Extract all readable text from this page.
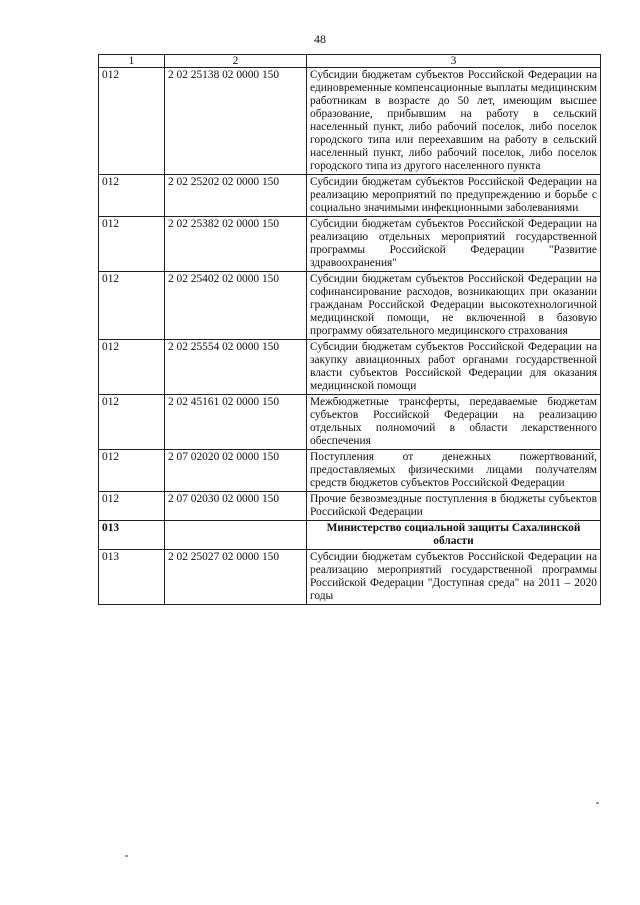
48
1	2	3
012	2 02 25138 02 0000 150	Субсидии бюджетам субъектов Российской Федерации на единовременные компенсационные выплаты медицинским работникам в возрасте до 50 лет, имеющим высшее образование, прибывшим на работу в сельский населенный пункт, либо рабочий поселок, либо поселок городского типа или переехавшим на работу в сельский населенный пункт, либо рабочий поселок, либо поселок городского типа из другого населенного пункта
012	2 02 25202 02 0000 150	Субсидии бюджетам субъектов Российской Федерации на реализацию мероприятий по предупреждению и борьбе с социально значимыми инфекционными заболеваниями
012	2 02 25382 02 0000 150	Субсидии бюджетам субъектов Российской Федерации на реализацию отдельных мероприятий государственной программы Российской Федерации "Развитие здравоохранения"
012	2 02 25402 02 0000 150	Субсидии бюджетам субъектов Российской Федерации на софинансирование расходов, возникающих при оказании гражданам Российской Федерации высокотехнологичной медицинской помощи, не включенной в базовую программу обязательного медицинского страхования
012	2 02 25554 02 0000 150	Субсидии бюджетам субъектов Российской Федерации на закупку авиационных работ органами государственной власти субъектов Российской Федерации для оказания медицинской помощи
012	2 02 45161 02 0000 150	Межбюджетные трансферты, передаваемые бюджетам субъектов Российской Федерации на реализацию отдельных полномочий в области лекарственного обеспечения
012	2 07 02020 02 0000 150	Поступления от денежных пожертвований, предоставляемых физическими лицами получателям средств бюджетов субъектов Российской Федерации
012	2 07 02030 02 0000 150	Прочие безвозмездные поступления в бюджеты субъектов Российской Федерации
013		Министерство социальной защиты Сахалинской области
013	2 02 25027 02 0000 150	Субсидии бюджетам субъектов Российской Федерации на реализацию мероприятий государственной программы Российской Федерации "Доступная среда" на 2011 – 2020 годы
